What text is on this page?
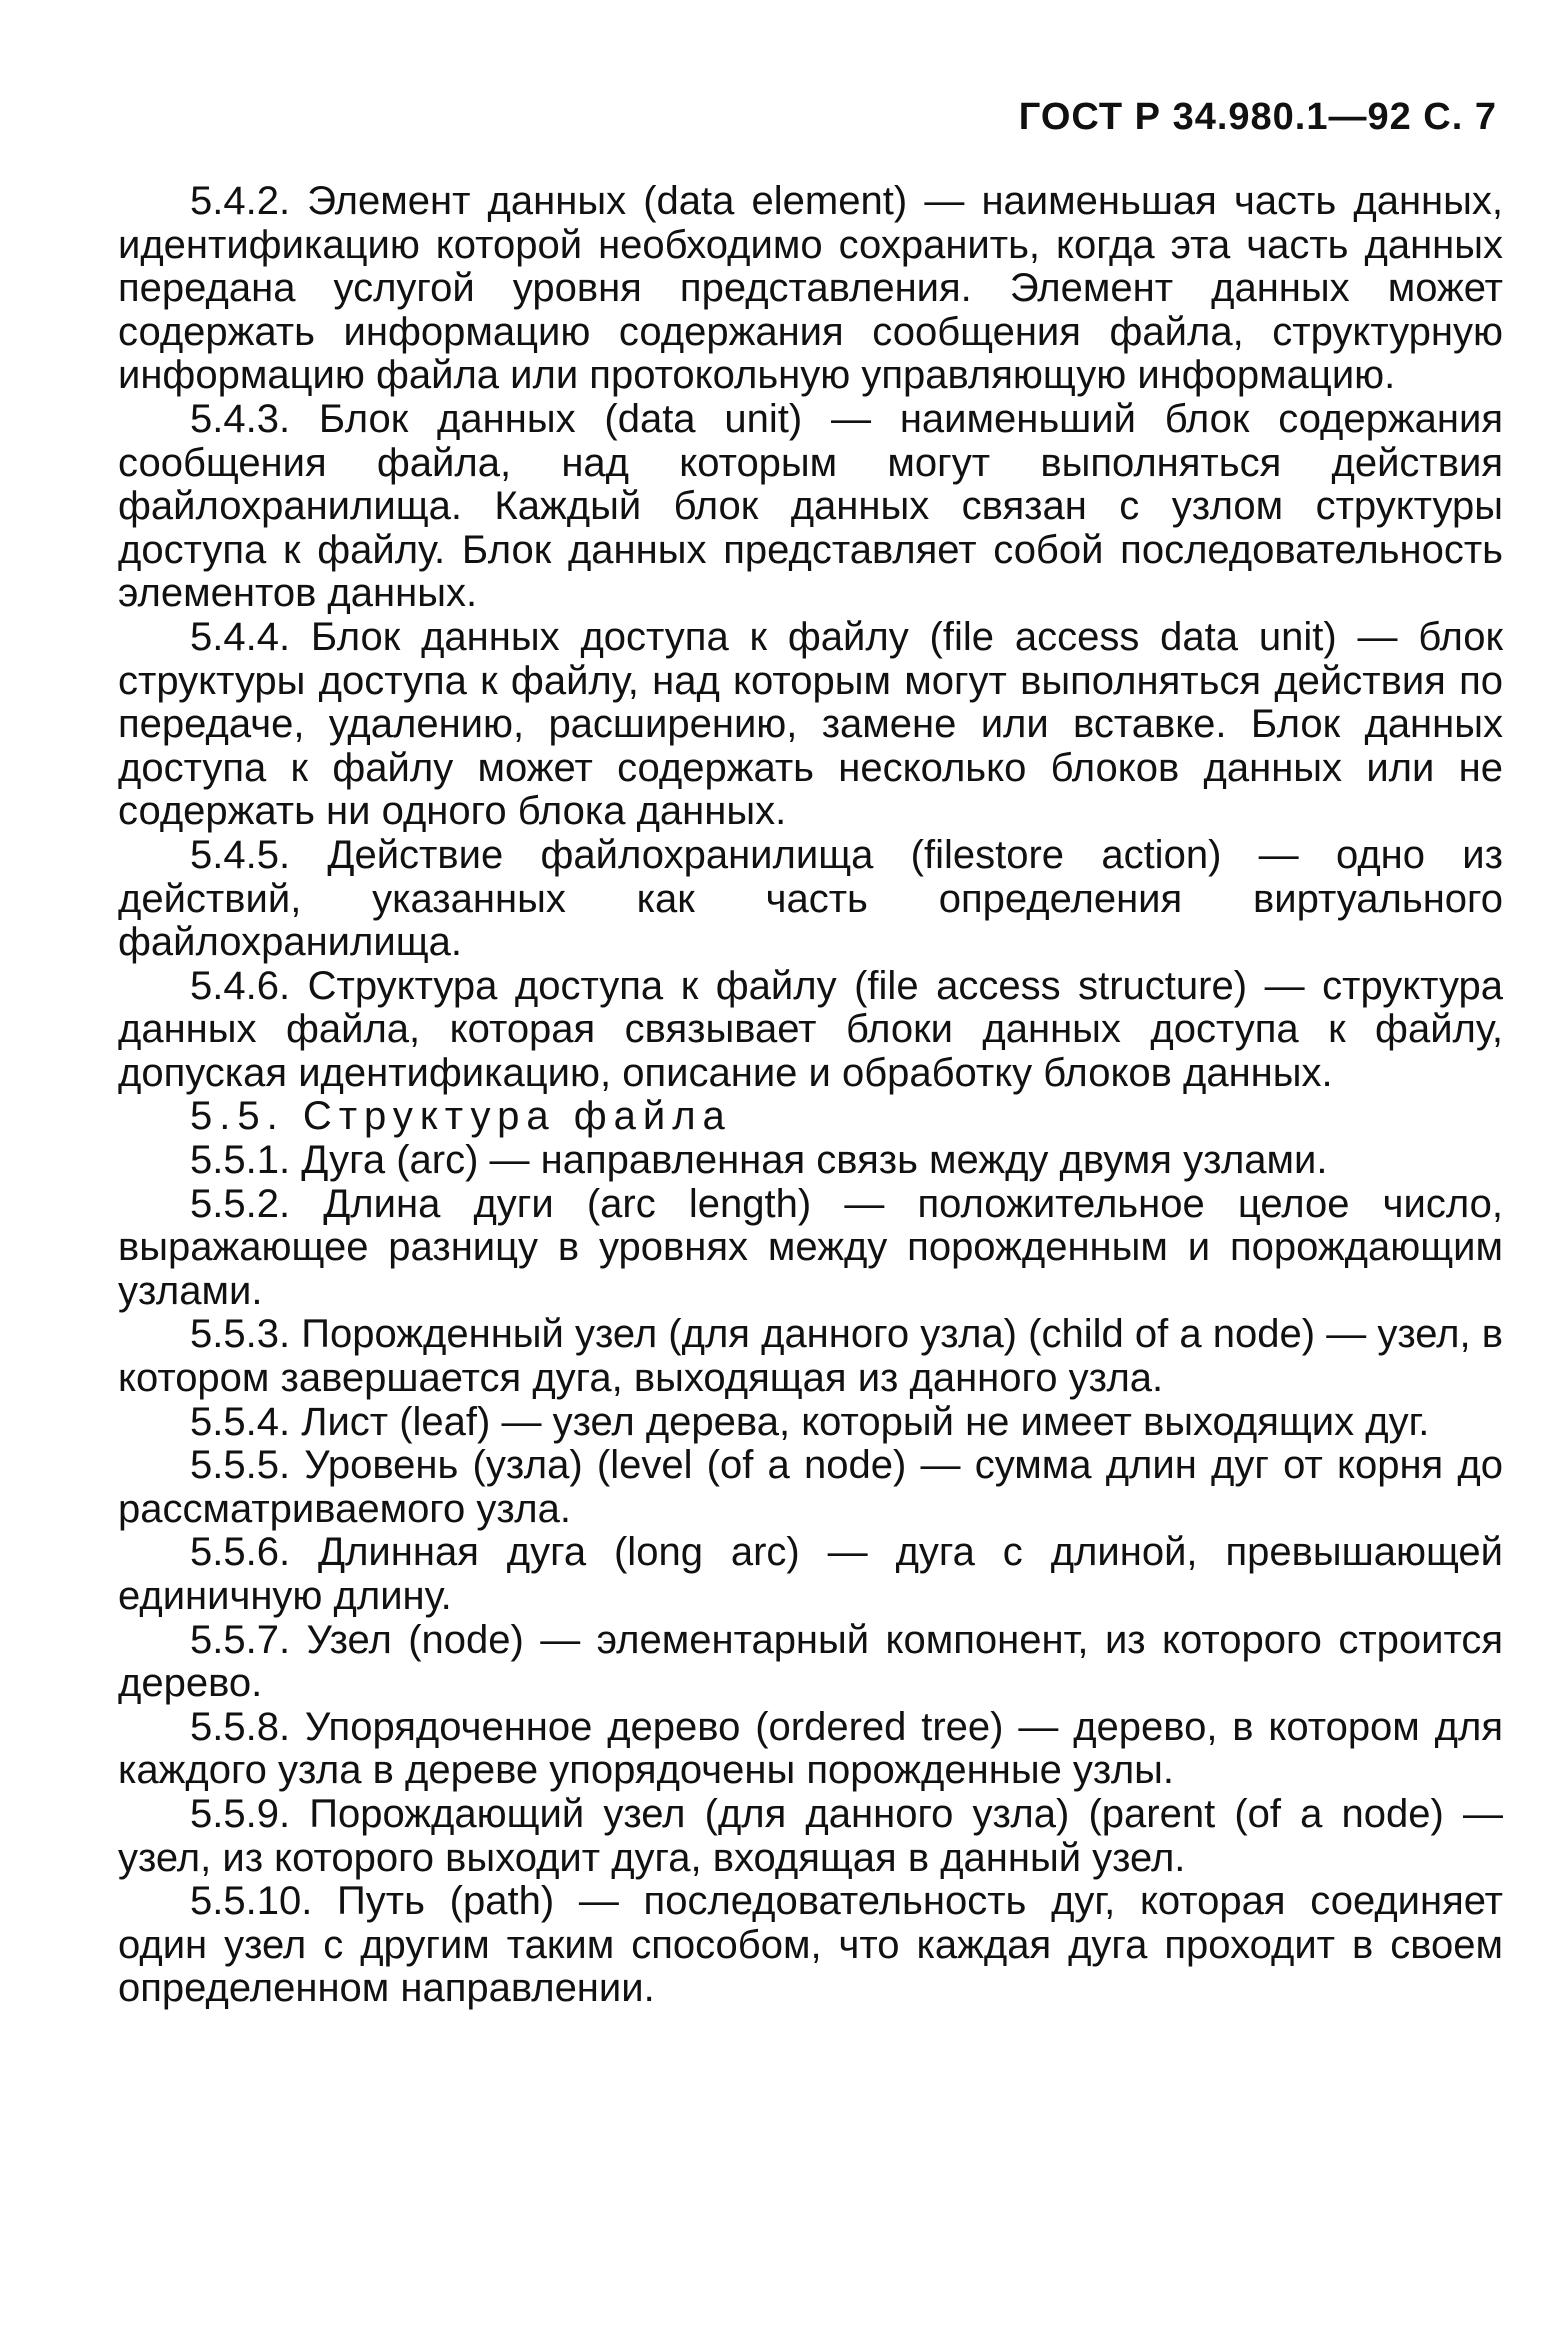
ГОСТ Р 34.980.1—92 С. 7

5.4.2. Элемент данных (data element) — наименьшая часть данных, идентификацию которой необходимо сохранить, когда эта часть данных передана услугой уровня представления. Элемент данных может содержать информацию содержания сообщения файла, структурную информацию файла или протокольную управляющую информацию.

5.4.3. Блок данных (data unit) — наименьший блок содержания сообщения файла, над которым могут выполняться действия файлохранилища. Каждый блок данных связан с узлом структуры доступа к файлу. Блок данных представляет собой последовательность элементов данных.

5.4.4. Блок данных доступа к файлу (file access data unit) — блок структуры доступа к файлу, над которым могут выполняться действия по передаче, удалению, расширению, замене или вставке. Блок данных доступа к файлу может содержать несколько блоков данных или не содержать ни одного блока данных.

5.4.5. Действие файлохранилища (filestore action) — одно из действий, указанных как часть определения виртуального файлохранилища.

5.4.6. Структура доступа к файлу (file access structure) — структура данных файла, которая связывает блоки данных доступа к файлу, допуская идентификацию, описание и обработку блоков данных.

5.5. Структура файла

5.5.1. Дуга (arc) — направленная связь между двумя узлами.

5.5.2. Длина дуги (arc length) — положительное целое число, выражающее разницу в уровнях между порожденным и порождающим узлами.

5.5.3. Порожденный узел (для данного узла) (child of a node) — узел, в котором завершается дуга, выходящая из данного узла.

5.5.4. Лист (leaf) — узел дерева, который не имеет выходящих дуг.

5.5.5. Уровень (узла) (level (of a node) — сумма длин дуг от корня до рассматриваемого узла.

5.5.6. Длинная дуга (long arc) — дуга с длиной, превышающей единичную длину.

5.5.7. Узел (node) — элементарный компонент, из которого строится дерево.

5.5.8. Упорядоченное дерево (ordered tree) — дерево, в котором для каждого узла в дереве упорядочены порожденные узлы.

5.5.9. Порождающий узел (для данного узла) (parent (of a node) — узел, из которого выходит дуга, входящая в данный узел.

5.5.10. Путь (path) — последовательность дуг, которая соединяет один узел с другим таким способом, что каждая дуга проходит в своем определенном направлении.
